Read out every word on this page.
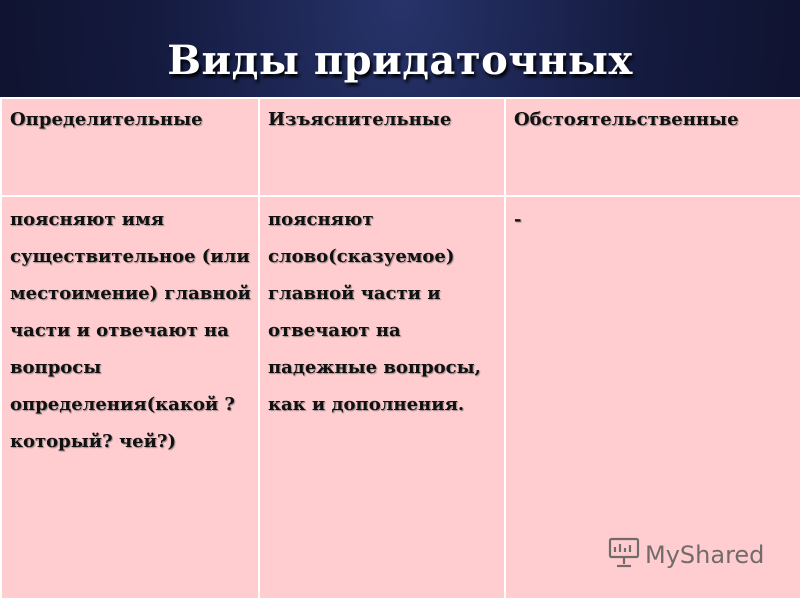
Виды придаточных
Определительные	Изъяснительные	Обстоятельственные
поясняют имя существительное (или местоимение) главной части и отвечают на вопросы определения(какой ? который? чей?)	поясняют слово(сказуемое) главной части и отвечают на падежные вопросы, как и дополнения.	-
MyShared
